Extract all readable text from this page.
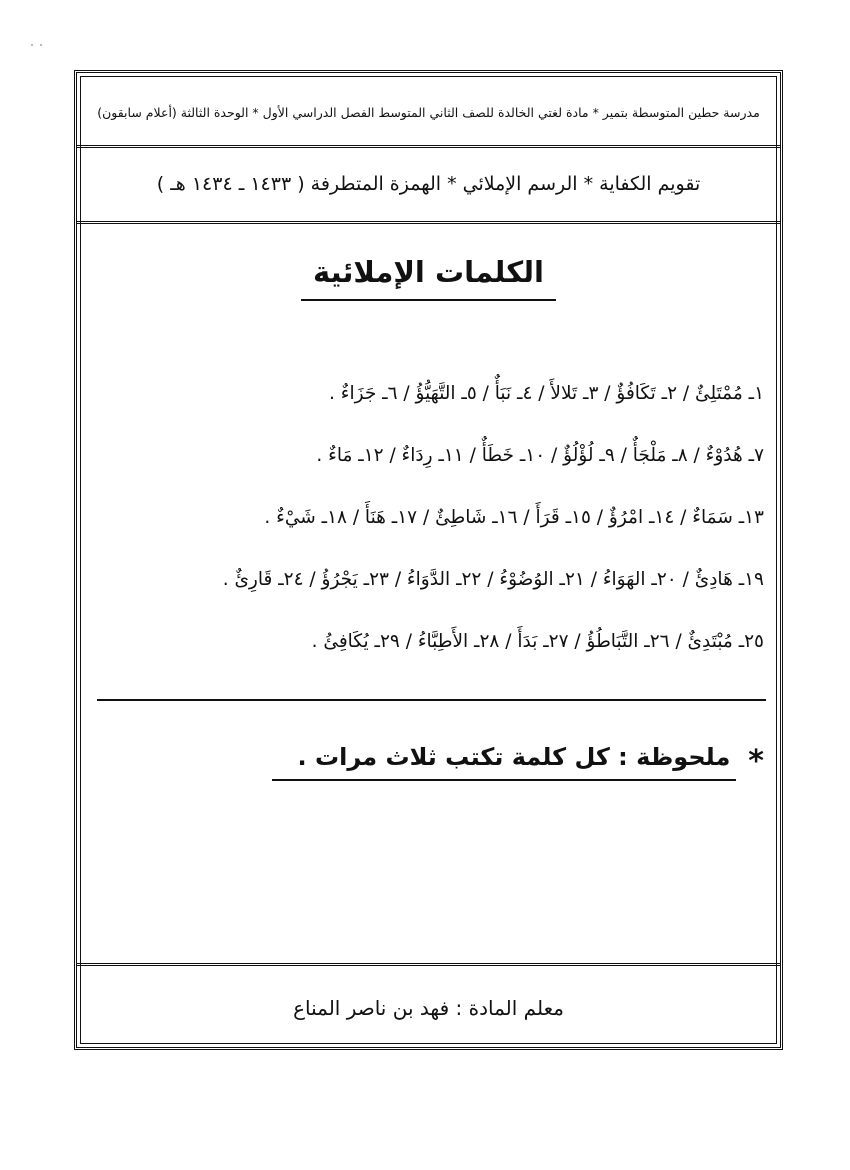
مدرسة حطين المتوسطة بتمير * مادة لغتي الخالدة للصف الثاني المتوسط الفصل الدراسي الأول * الوحدة الثالثة (أعلام سابقون)
تقويم الكفاية * الرسم الإملائي * الهمزة المتطرفة ( ١٤٣٣ ـ ١٤٣٤ هـ )
الكلمات الإملائية
١ـ مُمْتَلِئٌ / ٢ـ تَكَافُؤٌ / ٣ـ تَلالأَ / ٤ـ نَبَأٌ / ٥ـ التَّهَيُّؤُ / ٦ـ جَزَاءٌ .
٧ـ هُدُوْءٌ / ٨ـ مَلْجَأٌ / ٩ـ لُؤْلُؤٌ / ١٠ـ خَطَأٌ / ١١ـ رِدَاءٌ / ١٢ـ مَاءٌ .
١٣ـ سَمَاءٌ / ١٤ـ امْرُؤٌ / ١٥ـ قَرَأَ / ١٦ـ شَاطِئٌ / ١٧ـ هَنَأَ / ١٨ـ شَيْءٌ .
١٩ـ هَادِئٌ / ٢٠ـ الهَوَاءُ / ٢١ـ الوُضُوْءُ / ٢٢ـ الدَّوَاءُ / ٢٣ـ يَجْرُؤُ / ٢٤ـ قَارِئٌ .
٢٥ـ مُبْتَدِئٌ / ٢٦ـ التَّبَاطُؤُ / ٢٧ـ بَدَأَ / ٢٨ـ الأَطِبَّاءُ / ٢٩ـ يُكَافِئُ .
*
ملحوظة : كل كلمة تكتب ثلاث مرات .
معلم المادة : فهد بن ناصر المناع
